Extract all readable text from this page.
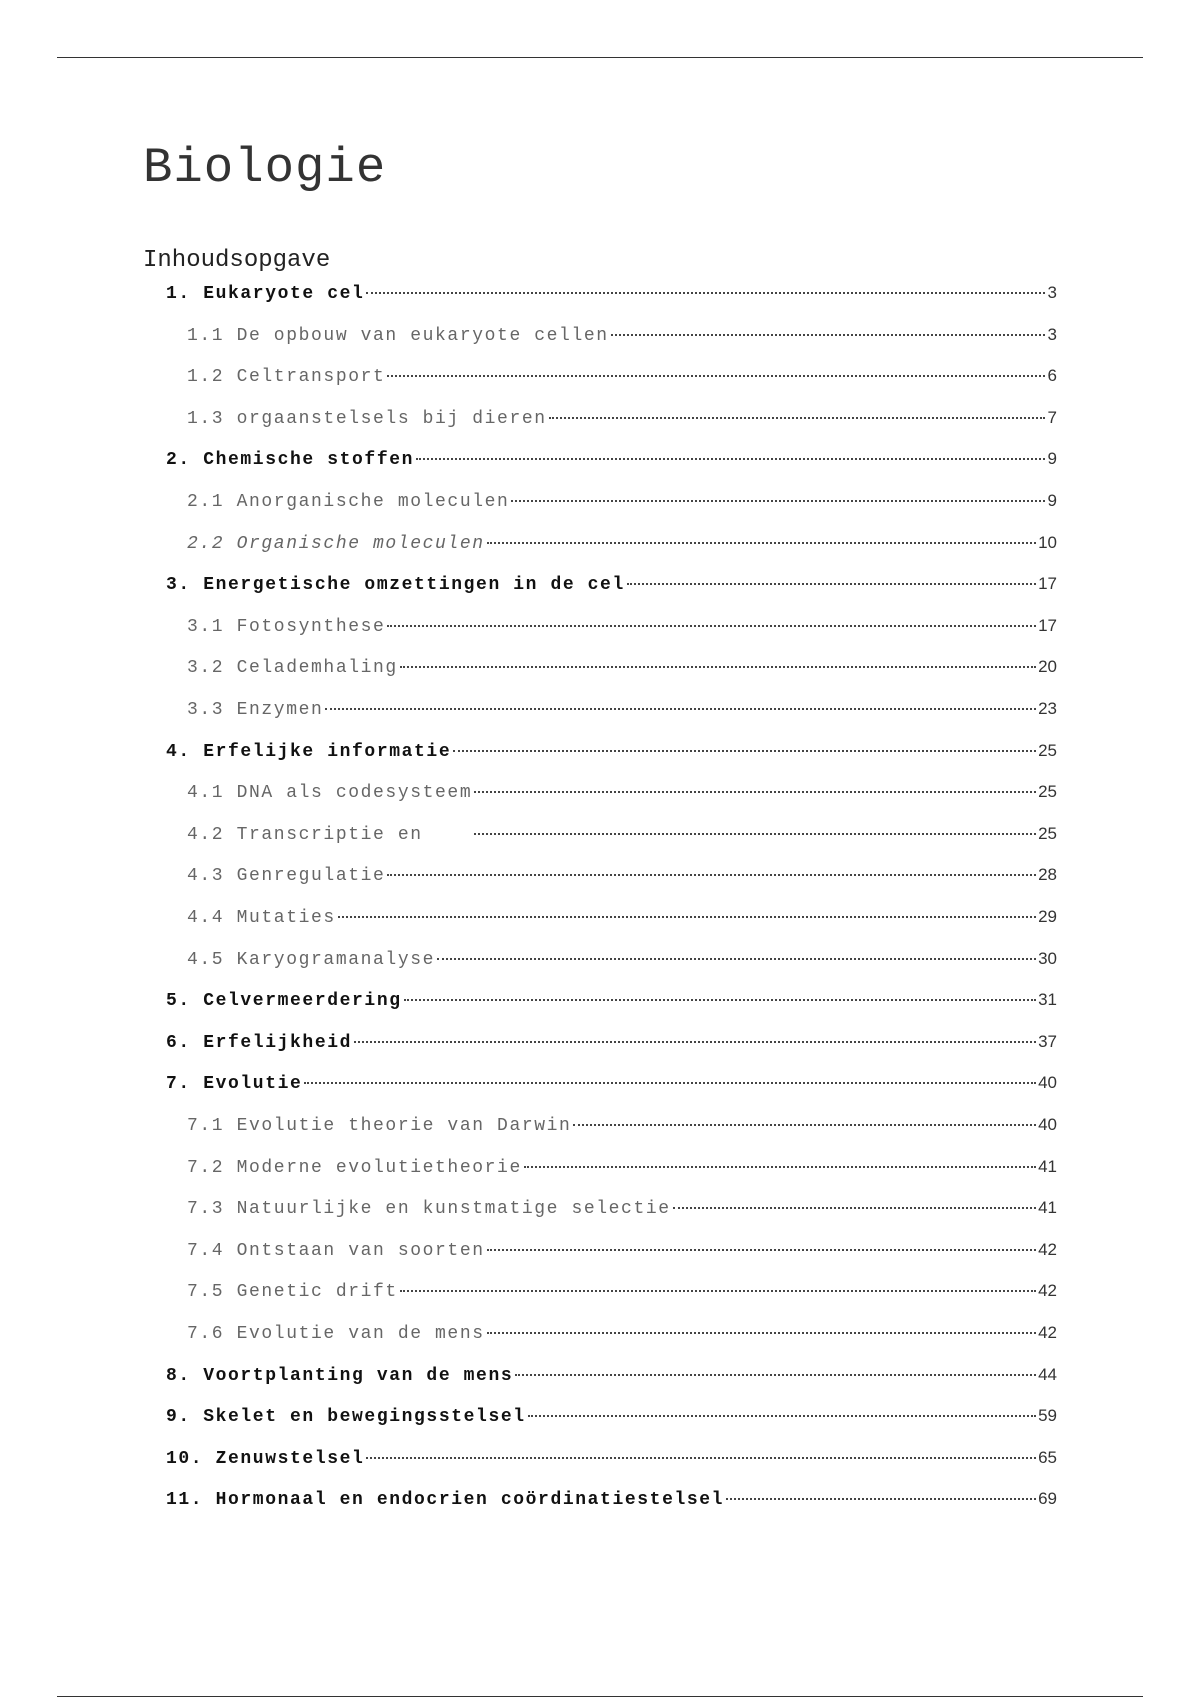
Biologie
Inhoudsopgave
1. Eukaryote cel	3
1.1 De opbouw van eukaryote cellen	3
1.2 Celtransport	6
1.3 orgaanstelsels bij dieren	7
2. Chemische stoffen	9
2.1 Anorganische moleculen	9
2.2 Organische moleculen	10
3. Energetische omzettingen in de cel	17
3.1 Fotosynthese	17
3.2 Celademhaling	20
3.3 Enzymen	23
4. Erfelijke informatie	25
4.1 DNA als codesysteem	25
4.2 Transcriptie en	25
4.3 Genregulatie	28
4.4 Mutaties	29
4.5 Karyogramanalyse	30
5. Celvermeerdering	31
6. Erfelijkheid	37
7. Evolutie	40
7.1 Evolutie theorie van Darwin	40
7.2 Moderne evolutietheorie	41
7.3 Natuurlijke en kunstmatige selectie	41
7.4 Ontstaan van soorten	42
7.5 Genetic drift	42
7.6 Evolutie van de mens	42
8. Voortplanting van de mens	44
9. Skelet en bewegingsstelsel	59
10. Zenuwstelsel	65
11. Hormonaal en endocrien coördinatiestelsel	69
